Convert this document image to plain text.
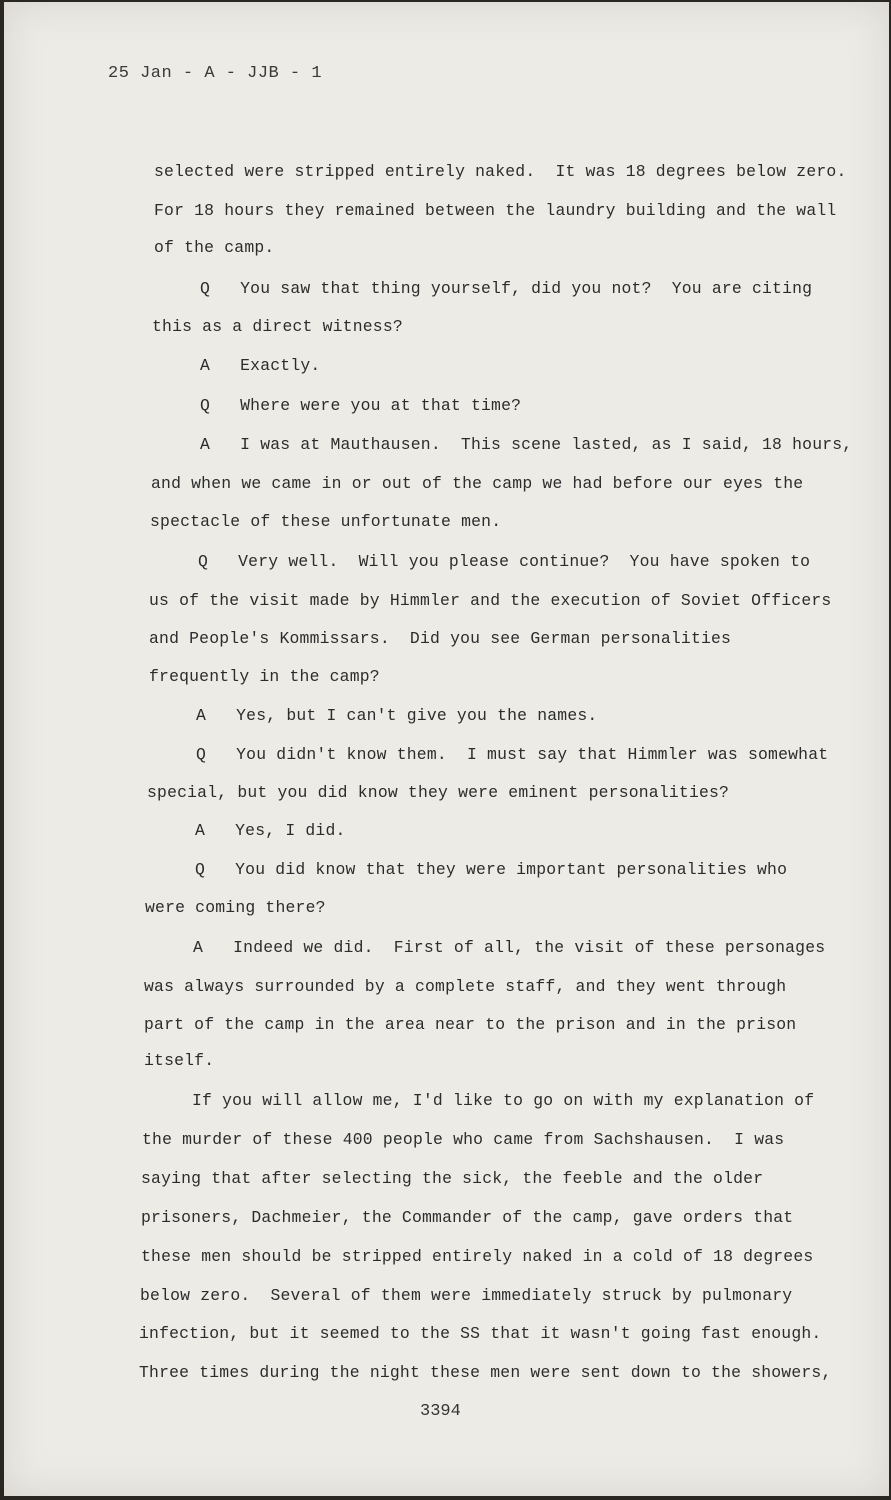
25 Jan - A - JJB - 1
selected were stripped entirely naked.  It was 18 degrees below zero.
For 18 hours they remained between the laundry building and the wall
of the camp.
Q   You saw that thing yourself, did you not?  You are citing
this as a direct witness?
A   Exactly.
Q   Where were you at that time?
A   I was at Mauthausen.  This scene lasted, as I said, 18 hours,
and when we came in or out of the camp we had before our eyes the
spectacle of these unfortunate men.
Q   Very well.  Will you please continue?  You have spoken to
us of the visit made by Himmler and the execution of Soviet Officers
and People's Kommissars.  Did you see German personalities
frequently in the camp?
A   Yes, but I can't give you the names.
Q   You didn't know them.  I must say that Himmler was somewhat
special, but you did know they were eminent personalities?
A   Yes, I did.
Q   You did know that they were important personalities who
were coming there?
A   Indeed we did.  First of all, the visit of these personages
was always surrounded by a complete staff, and they went through
part of the camp in the area near to the prison and in the prison
itself.
If you will allow me, I'd like to go on with my explanation of
the murder of these 400 people who came from Sachshausen.  I was
saying that after selecting the sick, the feeble and the older
prisoners, Dachmeier, the Commander of the camp, gave orders that
these men should be stripped entirely naked in a cold of 18 degrees
below zero.  Several of them were immediately struck by pulmonary
infection, but it seemed to the SS that it wasn't going fast enough.
Three times during the night these men were sent down to the showers,
3394
